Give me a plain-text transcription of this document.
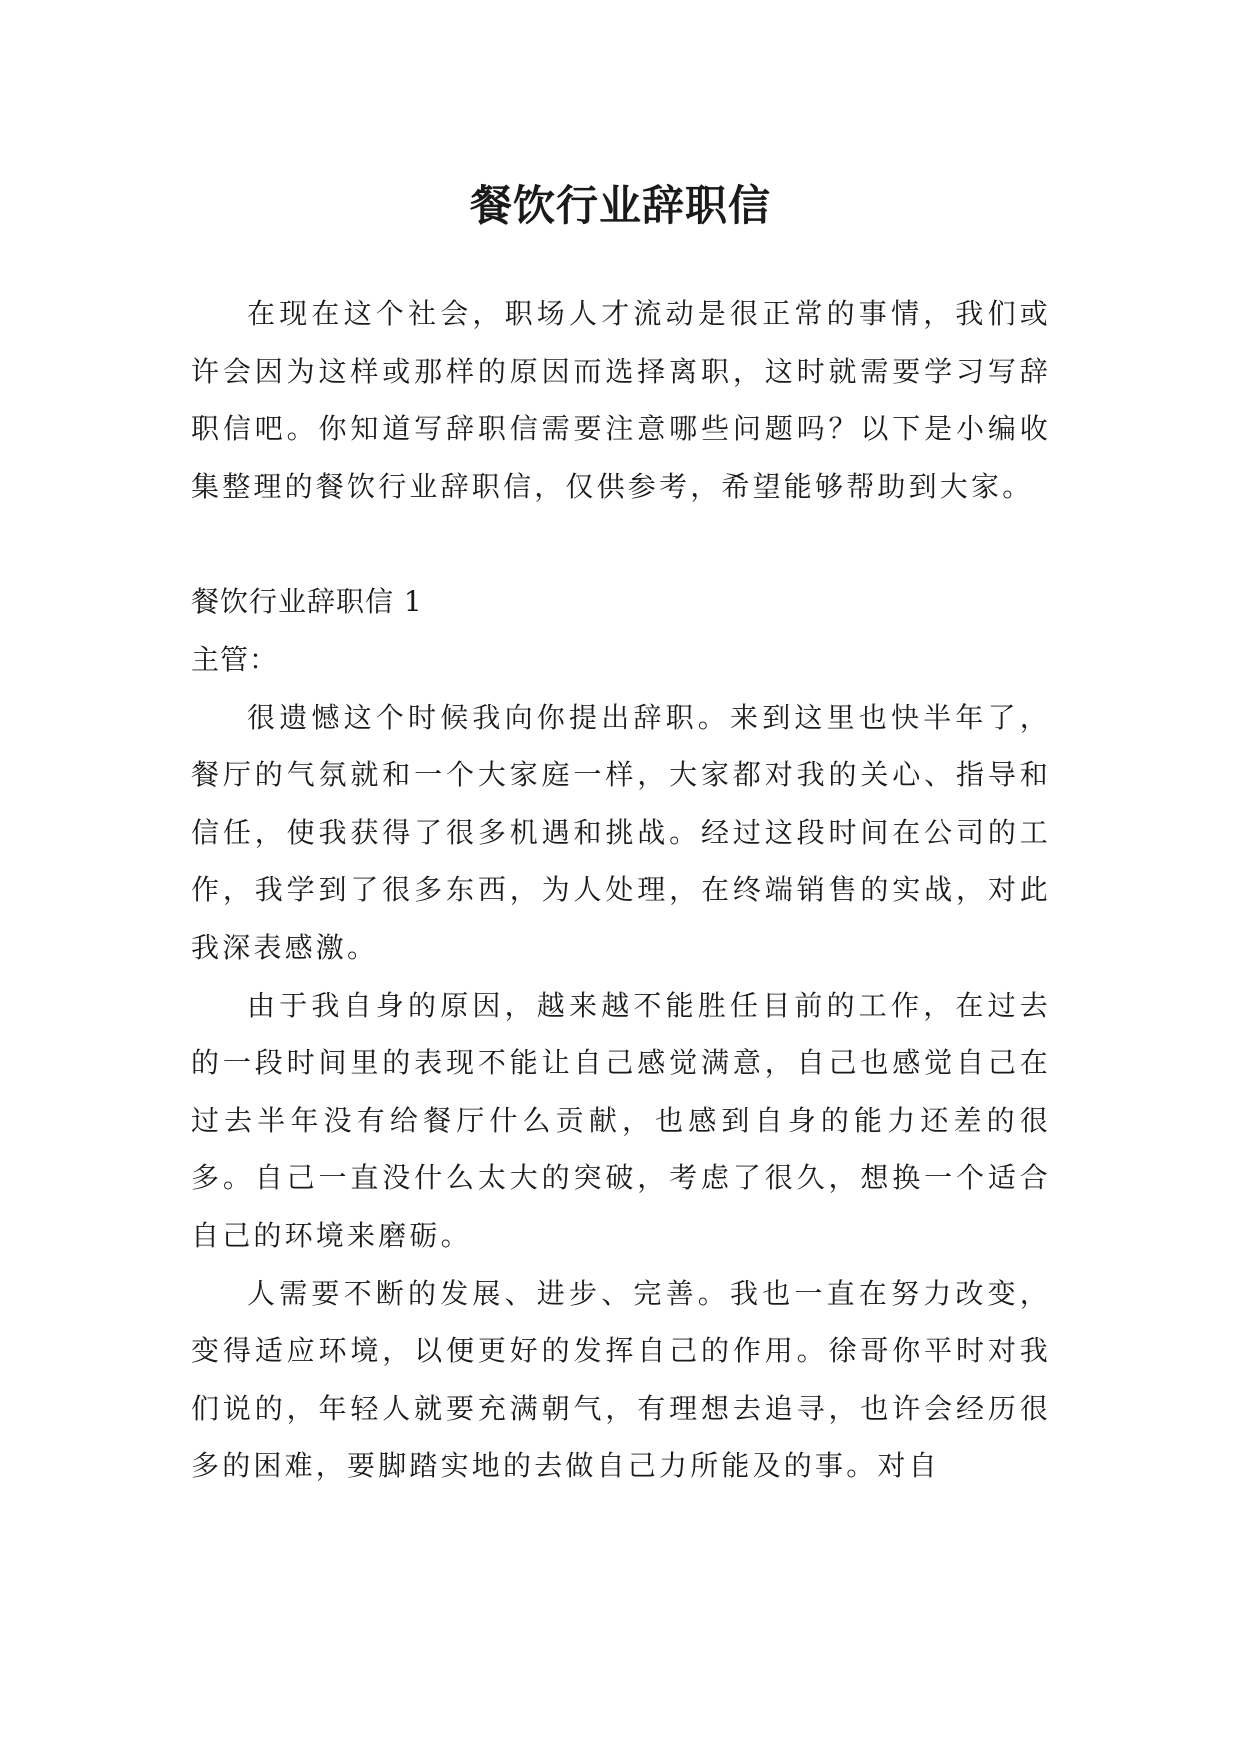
餐饮行业辞职信

在现在这个社会，职场人才流动是很正常的事情，我们或许会因为这样或那样的原因而选择离职，这时就需要学习写辞职信吧。你知道写辞职信需要注意哪些问题吗？以下是小编收集整理的餐饮行业辞职信，仅供参考，希望能够帮助到大家。

餐饮行业辞职信 1

主管：

很遗憾这个时候我向你提出辞职。来到这里也快半年了，餐厅的气氛就和一个大家庭一样，大家都对我的关心、指导和信任，使我获得了很多机遇和挑战。经过这段时间在公司的工作，我学到了很多东西，为人处理，在终端销售的实战，对此我深表感激。

由于我自身的原因，越来越不能胜任目前的工作，在过去的一段时间里的表现不能让自己感觉满意，自己也感觉自己在过去半年没有给餐厅什么贡献，也感到自身的能力还差的很多。自己一直没什么太大的突破，考虑了很久，想换一个适合自己的环境来磨砺。

人需要不断的发展、进步、完善。我也一直在努力改变，变得适应环境，以便更好的发挥自己的作用。徐哥你平时对我们说的，年轻人就要充满朝气，有理想去追寻，也许会经历很多的困难，要脚踏实地的去做自己力所能及的事。对自
